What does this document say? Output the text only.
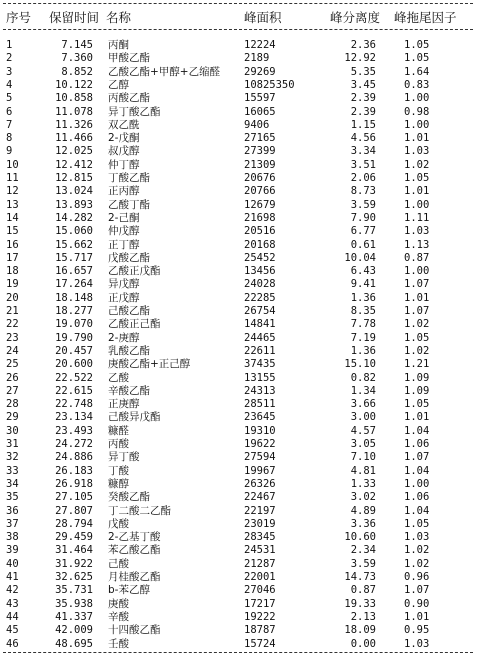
序号 保留时间 名称	峰面积	峰分离度 峰拖尾因子
1	7.145 丙酮	12224	2.36	1.05
2	7.360 甲酸乙酯	2189	12.92	1.05
3	8.852 乙酸乙酯+甲醇+乙缩醛 29269	5.35	1.64
4	10.122 乙醇	10825350	3.45	0.83
5	10.858 丙酸乙酯	15597	2.39	1.00
6	11.078 异丁酸乙酯	16065	2.39	0.98
7	11.326 双乙酰	9406	1.15	1.00
8	11.466 2-戊酮	27165	4.56	1.01
9	12.025 叔戊醇	27399	3.34	1.03
10	12.412 仲丁醇	21309	3.51	1.02
11	12.815 丁酸乙酯	20676	2.06	1.05
12	13.024 正丙醇	20766	8.73	1.01
13	13.893 乙酸丁酯	12679	3.59	1.00
14	14.282 2-己酮	21698	7.90	1.11
15	15.060 仲戊醇	20516	6.77	1.03
16	15.662 正丁醇	20168	0.61	1.13
17	15.717 戊酸乙酯	25452	10.04	0.87
18	16.657 乙酸正戊酯	13456	6.43	1.00
19	17.264 异戊醇	24028	9.41	1.07
20	18.148 正戊醇	22285	1.36	1.01
21	18.277 己酸乙酯	26754	8.35	1.07
22	19.070 乙酸正己酯	14841	7.78	1.02
23	19.790 2-庚醇	24465	7.19	1.05
24	20.457 乳酸乙酯	22611	1.36	1.02
25	20.600 庚酸乙酯+正己醇	37435	15.10	1.21
26	22.522 乙酸	13155	0.82	1.09
27	22.615 辛酸乙酯	24313	1.34	1.09
28	22.748 正庚醇	28511	3.66	1.05
29	23.134 己酸异戊酯	23645	3.00	1.01
30	23.493 糠醛	19310	4.57	1.04
31	24.272 丙酸	19622	3.05	1.06
32	24.886 异丁酸	27594	7.10	1.07
33	26.183 丁酸	19967	4.81	1.04
34	26.918 糠醇	26326	1.33	1.00
35	27.105 癸酸乙酯	22467	3.02	1.06
36	27.807 丁二酸二乙酯	22197	4.89	1.04
37	28.794 戊酸	23019	3.36	1.05
38	29.459 2-乙基丁酸	28345	10.60	1.03
39	31.464 苯乙酸乙酯	24531	2.34	1.02
40	31.922 己酸	21287	3.59	1.02
41	32.625 月桂酸乙酯	22001	14.73	0.96
42	35.731 b-苯乙醇	27046	0.87	1.07
43	35.938 庚酸	17217	19.33	0.90
44	41.337 辛酸	19222	2.13	1.01
45	42.009 十四酸乙酯	18787	18.09	0.95
46	48.695 壬酸	15724	0.00	1.03
